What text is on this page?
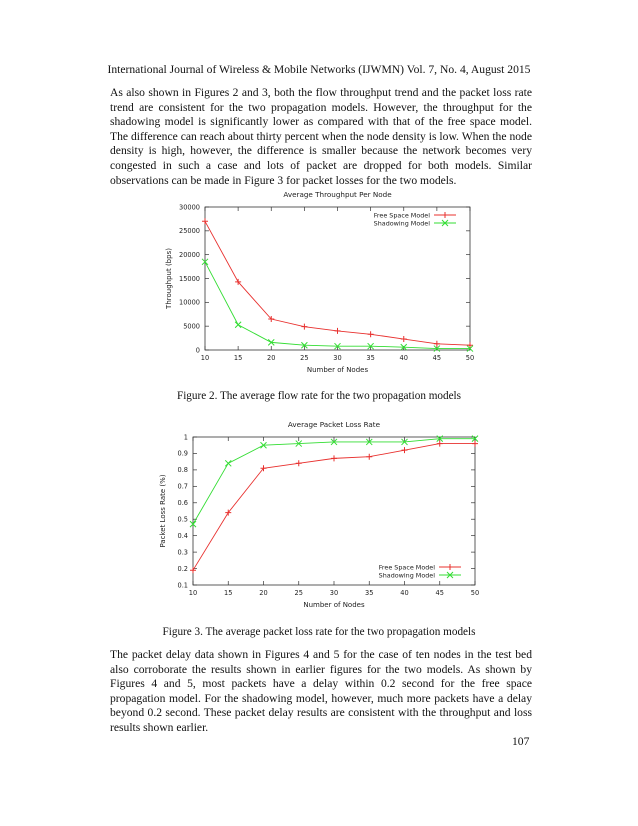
International Journal of Wireless & Mobile Networks (IJWMN) Vol. 7, No. 4, August 2015

As also shown in Figures 2 and 3, both the flow throughput trend and the packet loss rate trend are consistent for the two propagation models. However, the throughput for the shadowing model is significantly lower as compared with that of the free space model. The difference can reach about thirty percent when the node density is low. When the node density is high, however, the difference is smaller because the network becomes very congested in such a case and lots of packet are dropped for both models. Similar observations can be made in Figure 3 for packet losses for the two models.

Average Throughput Per Node
10	15	20	25	30	35	40	45	50
0
5000
10000
15000
20000
25000
30000
Number of Nodes
Throughput (bps)
Free Space Model
Shadowing Model
Figure 2. The average flow rate for the two propagation models
Average Packet Loss Rate
10	15	20	25	30	35	40	45	50
0.1
0.2
0.3
0.4
0.5
0.6
0.7
0.8
0.9
1
Number of Nodes
Packet Loss Rate (%)
Free Space Model
Shadowing Model
Figure 3. The average packet loss rate for the two propagation models

The packet delay data shown in Figures 4 and 5 for the case of ten nodes in the test bed also corroborate the results shown in earlier figures for the two models. As shown by Figures 4 and 5, most packets have a delay within 0.2 second for the free space propagation model. For the shadowing model, however, much more packets have a delay beyond 0.2 second. These packet delay results are consistent with the throughput and loss results shown earlier.

107
